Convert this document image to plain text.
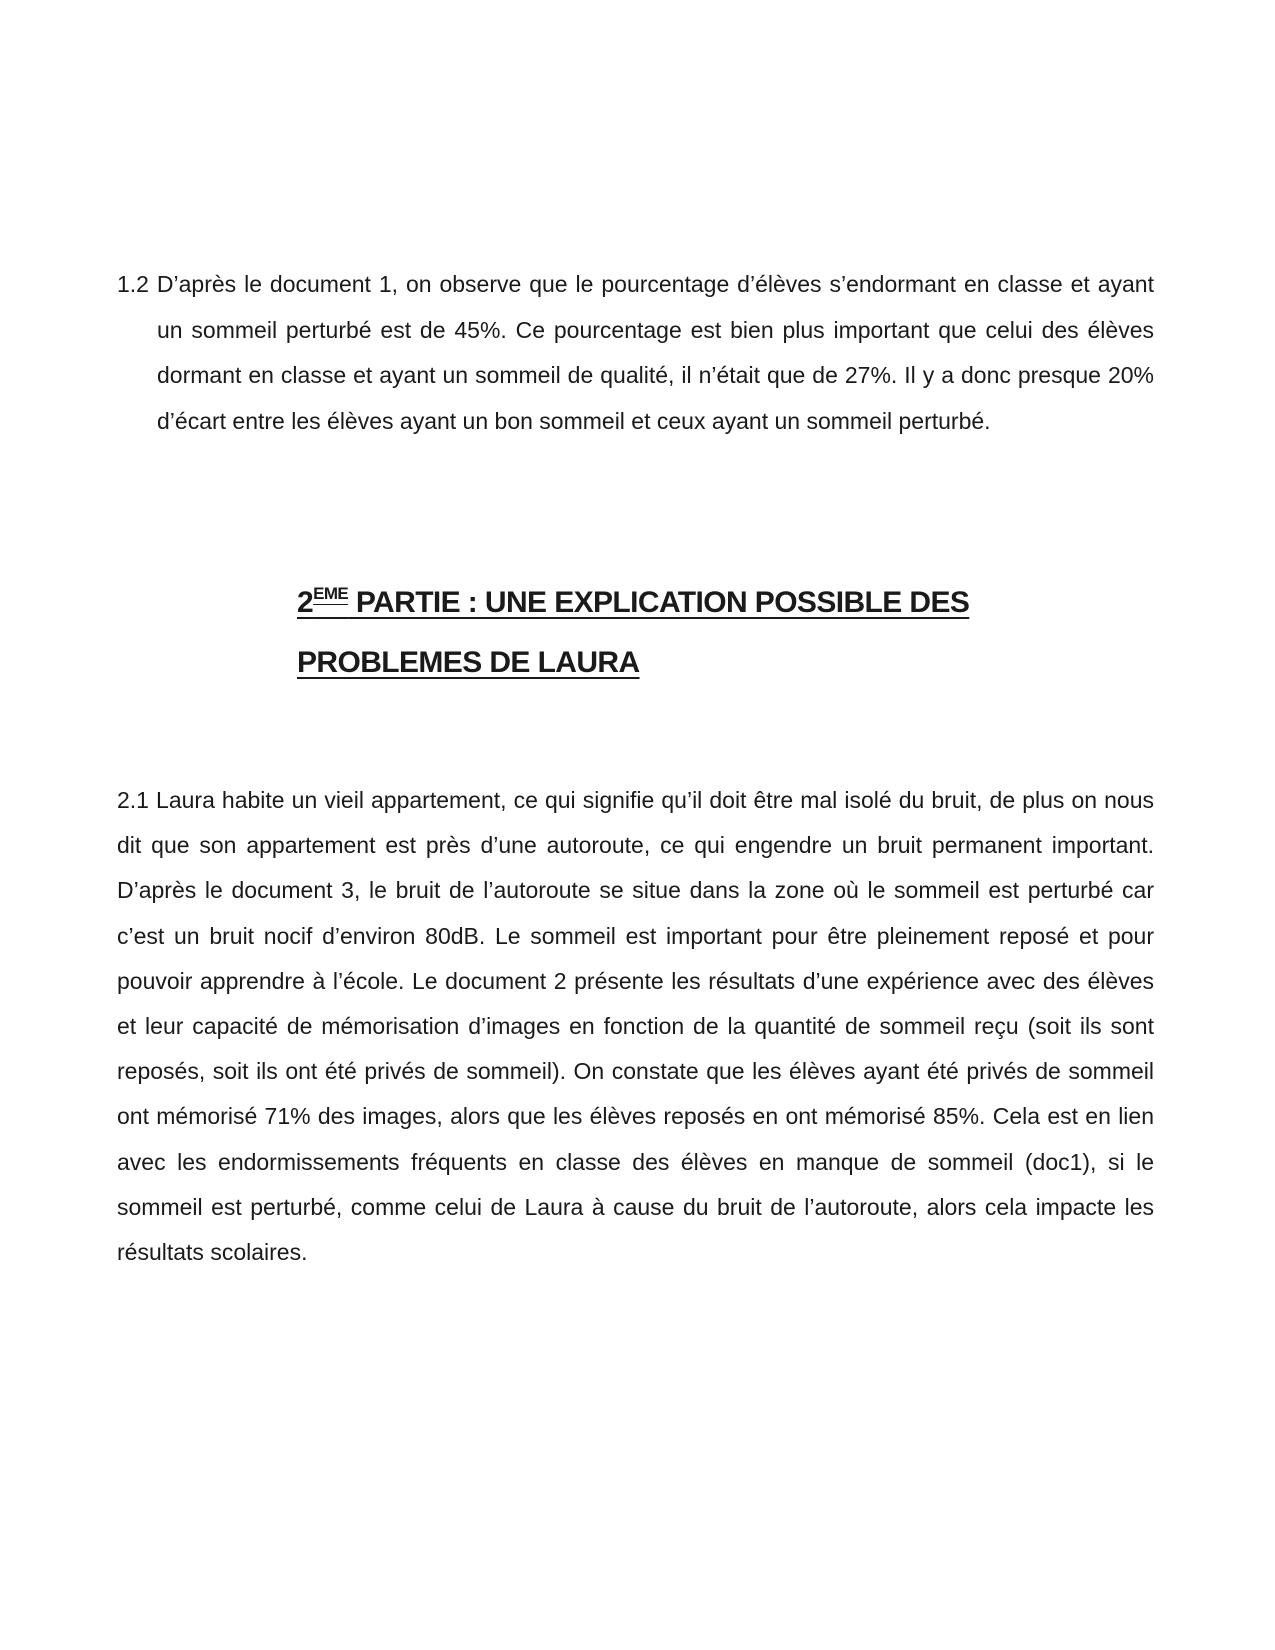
1.2 D’après le document 1, on observe que le pourcentage d’élèves s’endormant en classe et ayant un sommeil perturbé est de 45%. Ce pourcentage est bien plus important que celui des élèves dormant en classe et ayant un sommeil de qualité, il n’était que de 27%. Il y a donc presque 20% d’écart entre les élèves ayant un bon sommeil et ceux ayant un sommeil perturbé.

2EME PARTIE : UNE EXPLICATION POSSIBLE DES
PROBLEMES DE LAURA

2.1 Laura habite un vieil appartement, ce qui signifie qu’il doit être mal isolé du bruit, de plus on nous dit que son appartement est près d’une autoroute, ce qui engendre un bruit permanent important. D’après le document 3, le bruit de l’autoroute se situe dans la zone où le sommeil est perturbé car c’est un bruit nocif d’environ 80dB. Le sommeil est important pour être pleinement reposé et pour pouvoir apprendre à l’école. Le document 2 présente les résultats d’une expérience avec des élèves et leur capacité de mémorisation d’images en fonction de la quantité de sommeil reçu (soit ils sont reposés, soit ils ont été privés de sommeil). On constate que les élèves ayant été privés de sommeil ont mémorisé 71% des images, alors que les élèves reposés en ont mémorisé 85%. Cela est en lien avec les endormissements fréquents en classe des élèves en manque de sommeil (doc1), si le sommeil est perturbé, comme celui de Laura à cause du bruit de l’autoroute, alors cela impacte les résultats scolaires.
